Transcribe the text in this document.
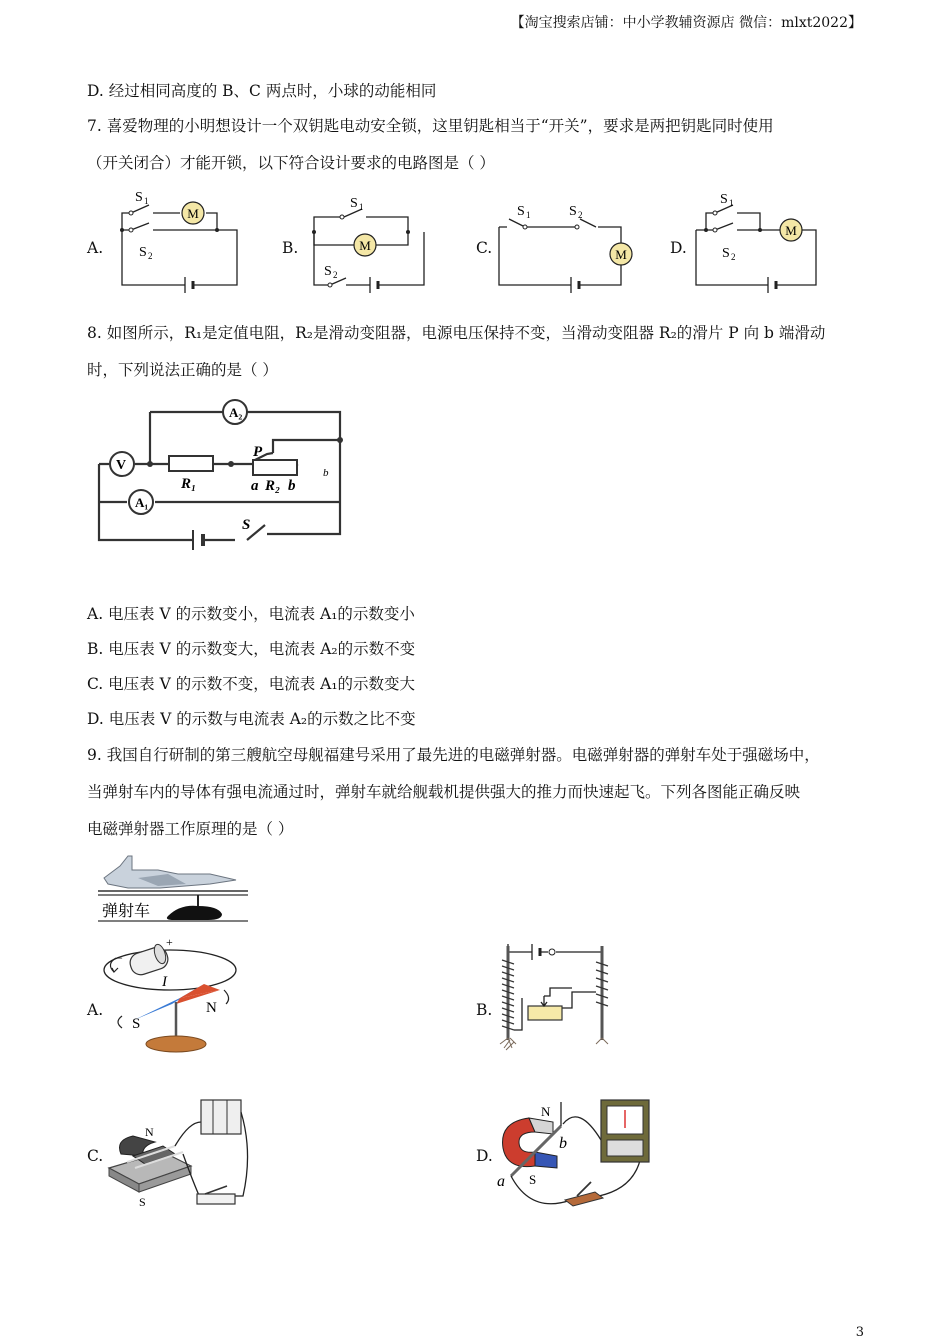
【淘宝搜索店铺：中小学教辅资源店 微信：mlxt2022】
D. 经过相同高度的 B、C 两点时，小球的动能相同
7. 喜爱物理的小明想设计一个双钥匙电动安全锁，这里钥匙相当于“开关”，要求是两把钥匙同时使用
（开关闭合）才能开锁，以下符合设计要求的电路图是（ ）
A.	B.	C.	D.
M
S 1
S 2
M
S 1
S 2
M
S 1	S 2
M
S 1
S 2
8. 如图所示，R₁是定值电阻，R₂是滑动变阻器，电源电压保持不变，当滑动变阻器 R₂的滑片 P 向 b 端滑动
时，下列说法正确的是（ ）
A₂
V
A₁
R₁
P
a R₂ b
b
S
A. 电压表 V 的示数变小，电流表 A₁的示数变小
B. 电压表 V 的示数变大，电流表 A₂的示数不变
C. 电压表 V 的示数不变，电流表 A₁的示数变大
D. 电压表 V 的示数与电流表 A₂的示数之比不变
9. 我国自行研制的第三艘航空母舰福建号采用了最先进的电磁弹射器。电磁弹射器的弹射车处于强磁场中，
当弹射车内的导体有强电流通过时，弹射车就给舰载机提供强大的推力而快速起飞。下列各图能正确反映
电磁弹射器工作原理的是（ ）
弹射车
A.	B.
C.	D.
+
−
I
N
S
N
S
N
S
a
b
3
